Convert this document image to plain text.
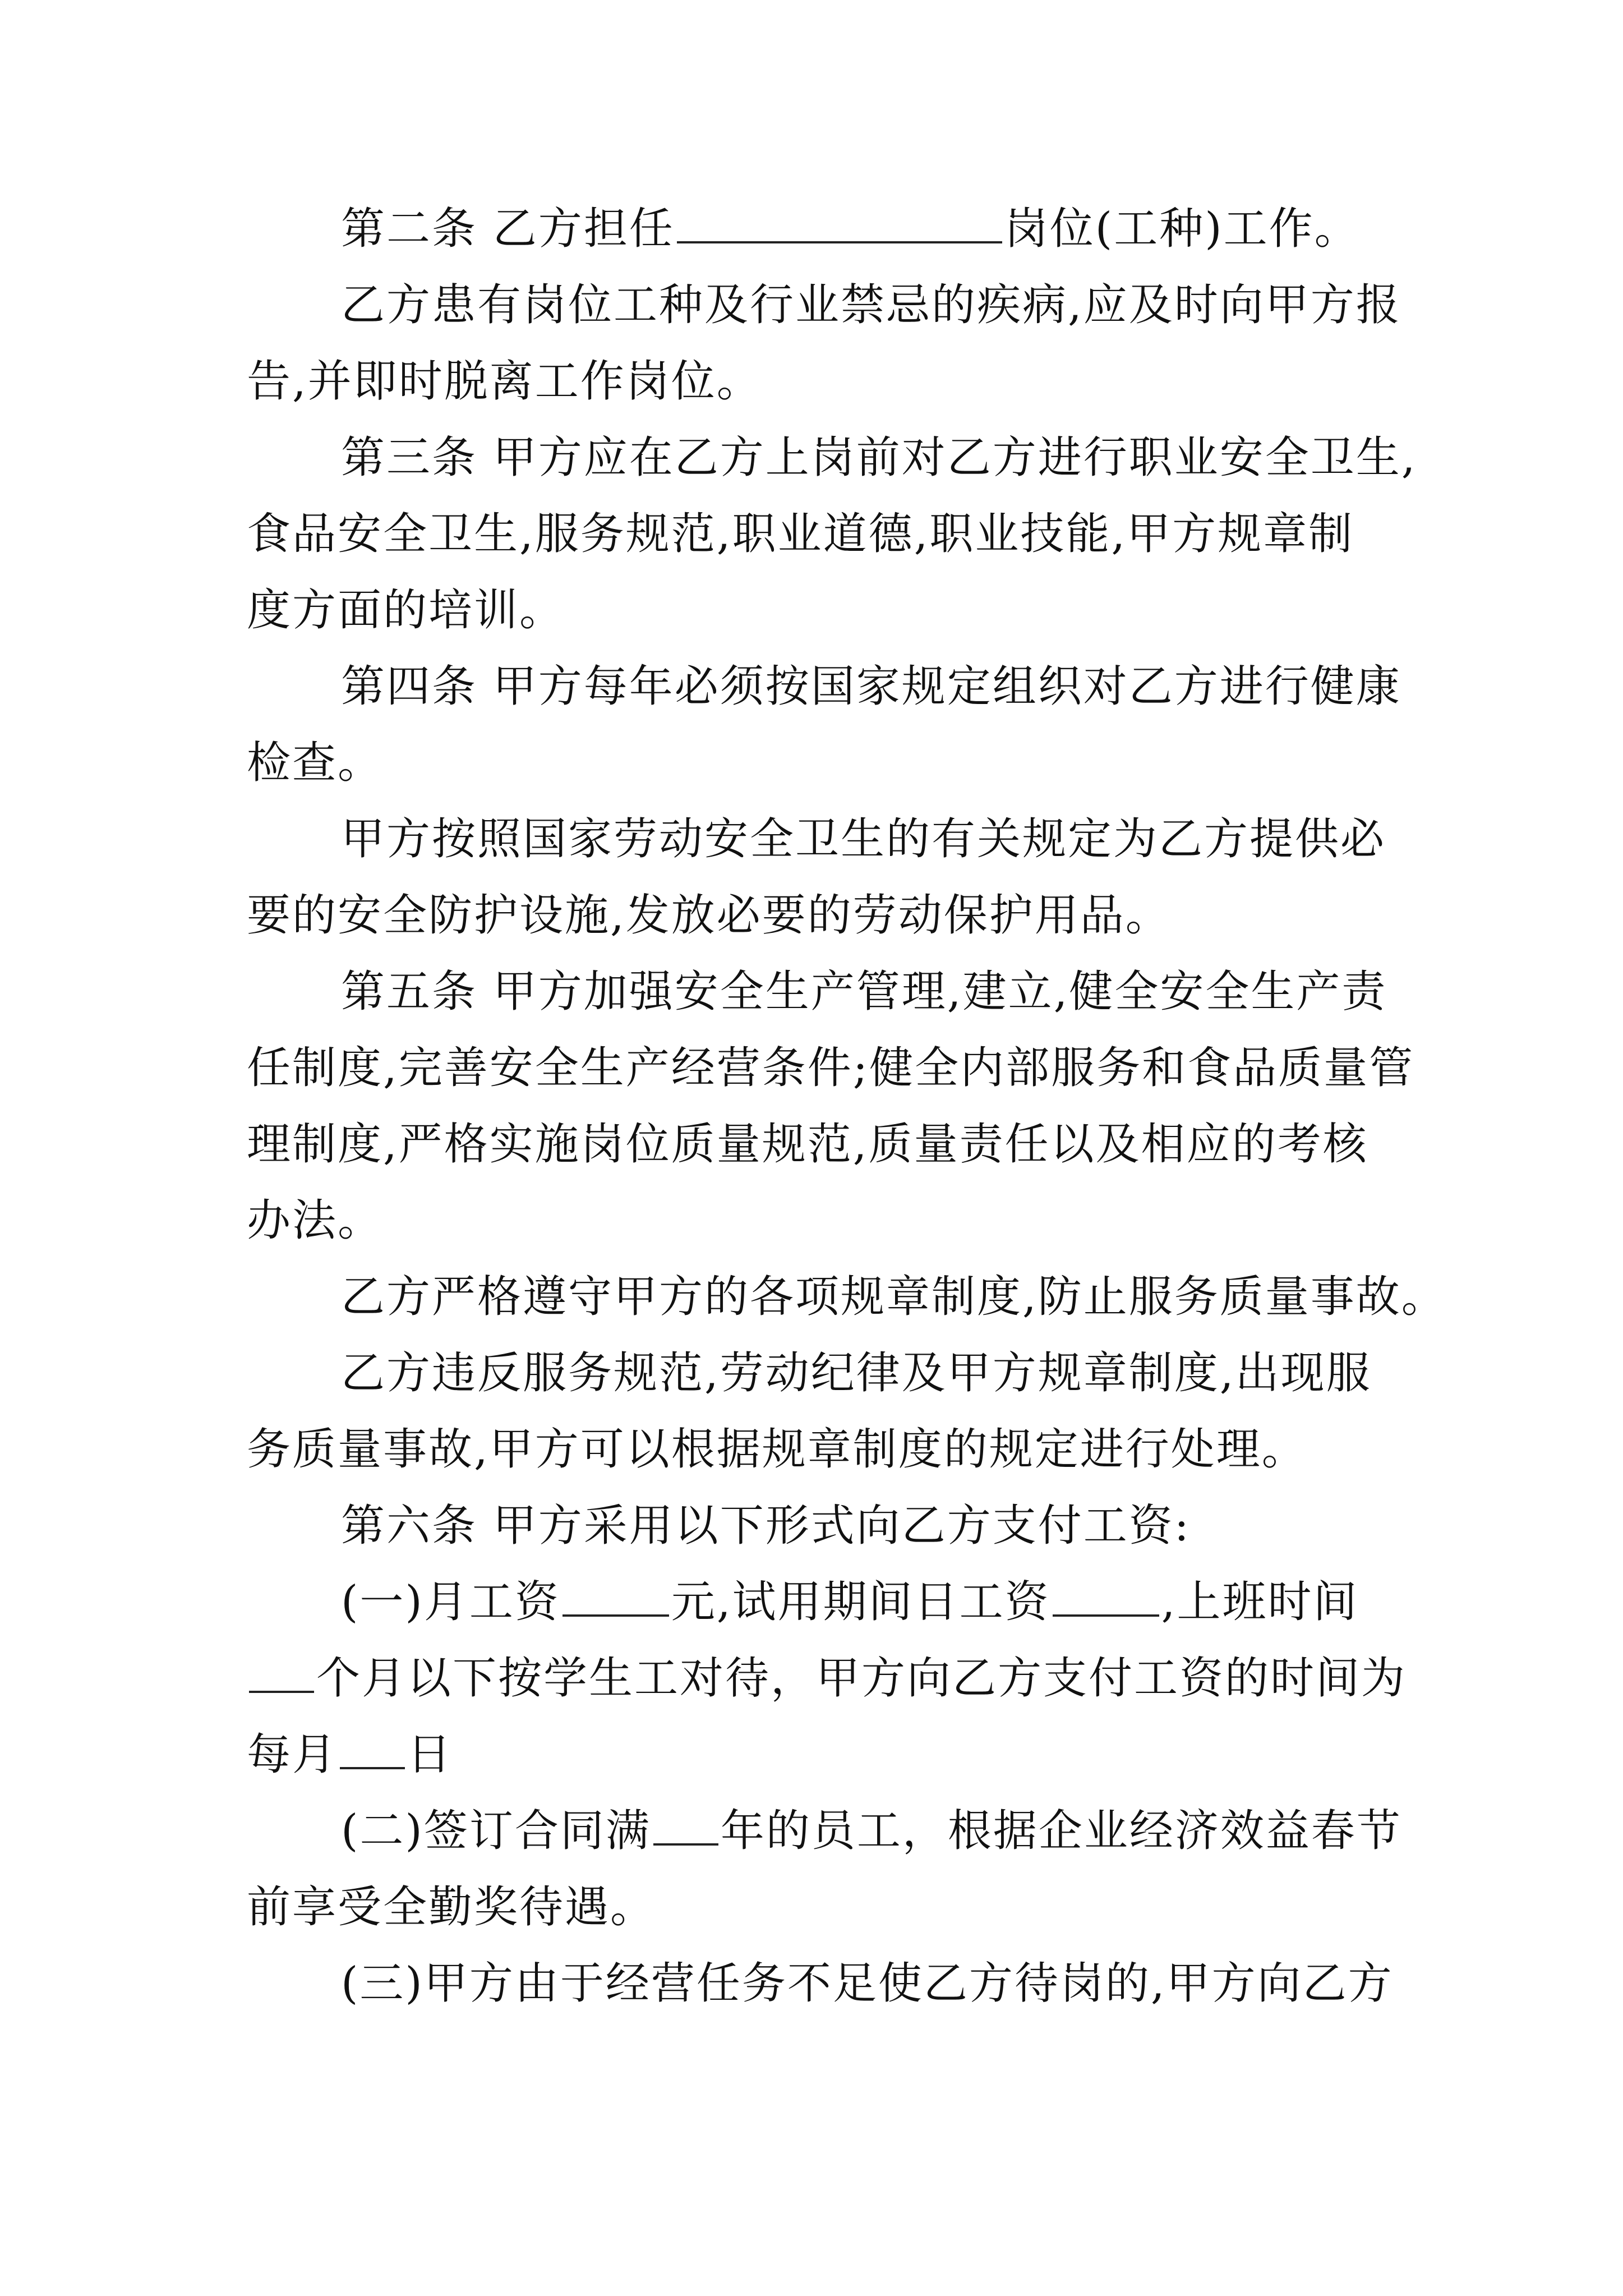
第二条 乙方担任	岗位(工种)工作。
乙方患有岗位工种及行业禁忌的疾病,应及时向甲方报
告,并即时脱离工作岗位。
第三条 甲方应在乙方上岗前对乙方进行职业安全卫生,
食品安全卫生,服务规范,职业道德,职业技能,甲方规章制
度方面的培训。
第四条 甲方每年必须按国家规定组织对乙方进行健康
检查。
甲方按照国家劳动安全卫生的有关规定为乙方提供必
要的安全防护设施,发放必要的劳动保护用品。
第五条 甲方加强安全生产管理,建立,健全安全生产责
任制度,完善安全生产经营条件;健全内部服务和食品质量管
理制度,严格实施岗位质量规范,质量责任以及相应的考核
办法。
乙方严格遵守甲方的各项规章制度,防止服务质量事故。
乙方违反服务规范,劳动纪律及甲方规章制度,出现服
务质量事故,甲方可以根据规章制度的规定进行处理。
第六条 甲方采用以下形式向乙方支付工资:
(一)月工资	元,试用期间日工资	,上班时间
个月以下按学生工对待，甲方向乙方支付工资的时间为
每月 日
(二)签订合同满 年的员工，根据企业经济效益春节
前享受全勤奖待遇。
(三)甲方由于经营任务不足使乙方待岗的,甲方向乙方
